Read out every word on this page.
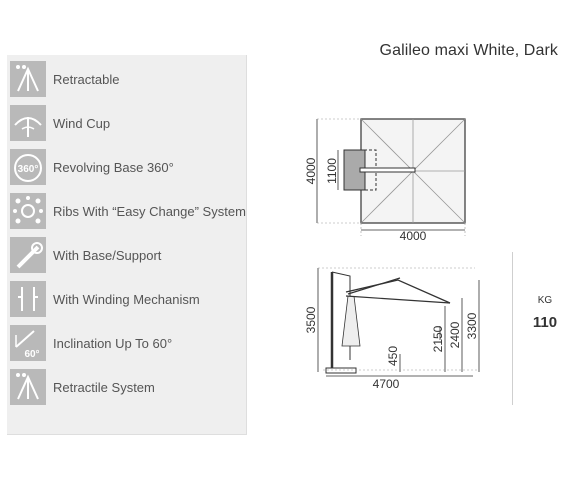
Galileo maxi White, Dark
Retractable
Wind Cup
360° Revolving Base 360°
Ribs With “Easy Change” System
With Base/Support
With Winding Mechanism
60°
Inclination Up To 60°
Retractile System
4000 1100
4000
3500
450
2150 2400 3300
4700
KG
110
